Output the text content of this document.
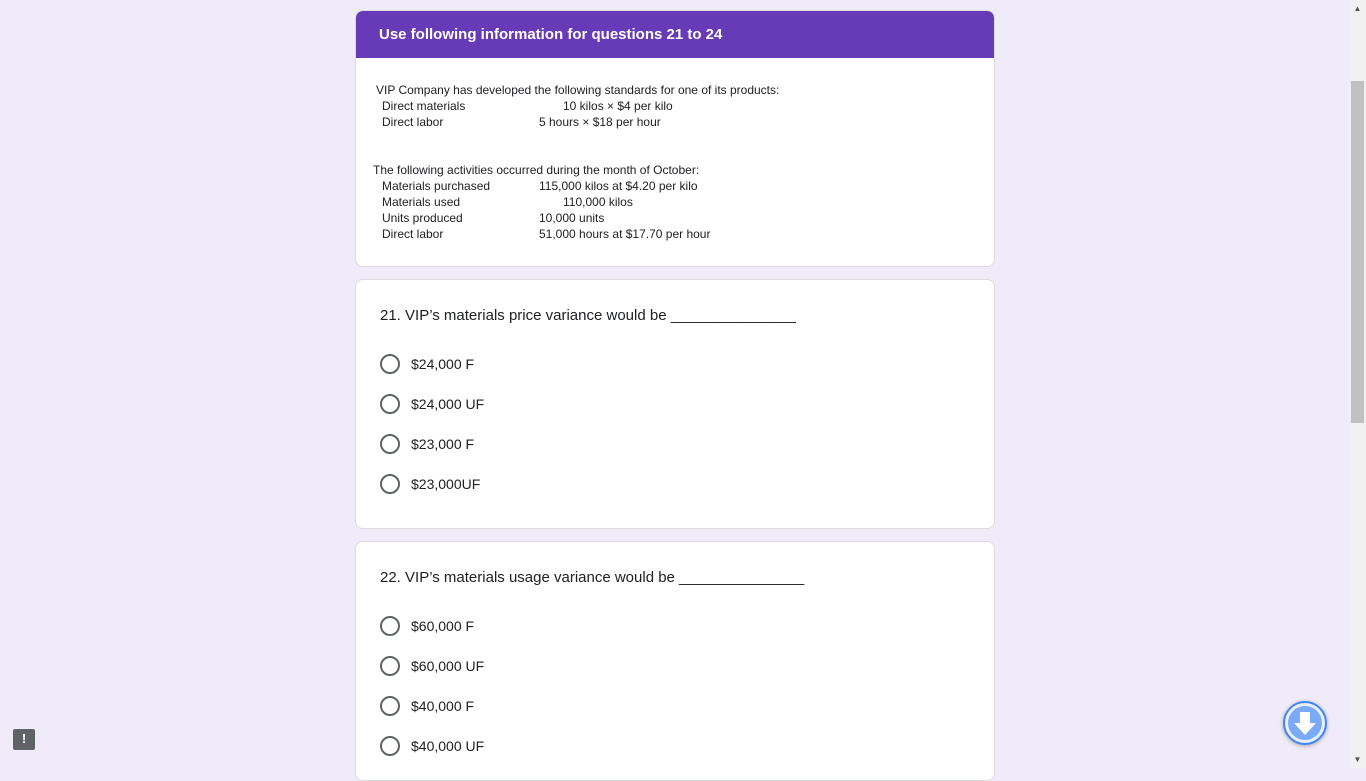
Use following information for questions 21 to 24
VIP Company has developed the following standards for one of its products:
Direct materials	10 kilos × $4 per kilo
Direct labor	5 hours × $18 per hour
The following activities occurred during the month of October:
Materials purchased	115,000 kilos at $4.20 per kilo
Materials used	110,000 kilos
Units produced	10,000 units
Direct labor	51,000 hours at $17.70 per hour
21. VIP’s materials price variance would be _______________
$24,000 F
$24,000 UF
$23,000 F
$23,000UF
22. VIP’s materials usage variance would be _______________
$60,000 F
$60,000 UF
$40,000 F
$40,000 UF
!
▲
▼
